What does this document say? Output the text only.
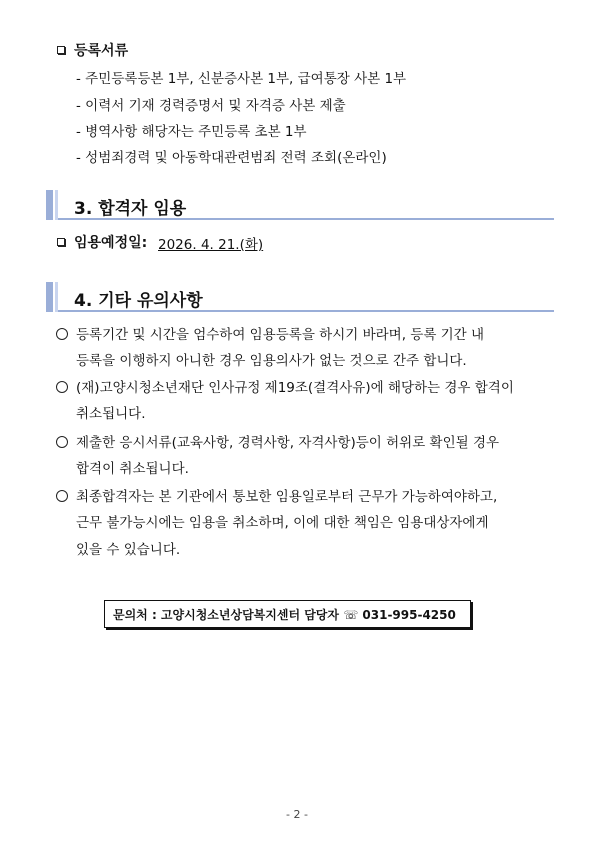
등록서류
- 주민등록등본 1부, 신분증사본 1부, 급여통장 사본 1부
- 이력서 기재 경력증명서 및 자격증 사본 제출
- 병역사항 해당자는 주민등록 초본 1부
- 성범죄경력 및 아동학대관련범죄 전력 조회(온라인)
3. 합격자 임용
임용예정일: 2026. 4. 21.(화)
4. 기타 유의사항
등록기간 및 시간을 엄수하여 임용등록을 하시기 바라며, 등록 기간 내
등록을 이행하지 아니한 경우 임용의사가 없는 것으로 간주 합니다.
(재)고양시청소년재단 인사규정 제19조(결격사유)에 해당하는 경우 합격이
취소됩니다.
제출한 응시서류(교육사항, 경력사항, 자격사항)등이 허위로 확인될 경우
합격이 취소됩니다.
최종합격자는 본 기관에서 통보한 임용일로부터 근무가 가능하여야하고,
근무 불가능시에는 임용을 취소하며, 이에 대한 책임은 임용대상자에게
있을 수 있습니다.
문의처 : 고양시청소년상담복지센터 담당자 ☏ 031-995-4250
- 2 -
